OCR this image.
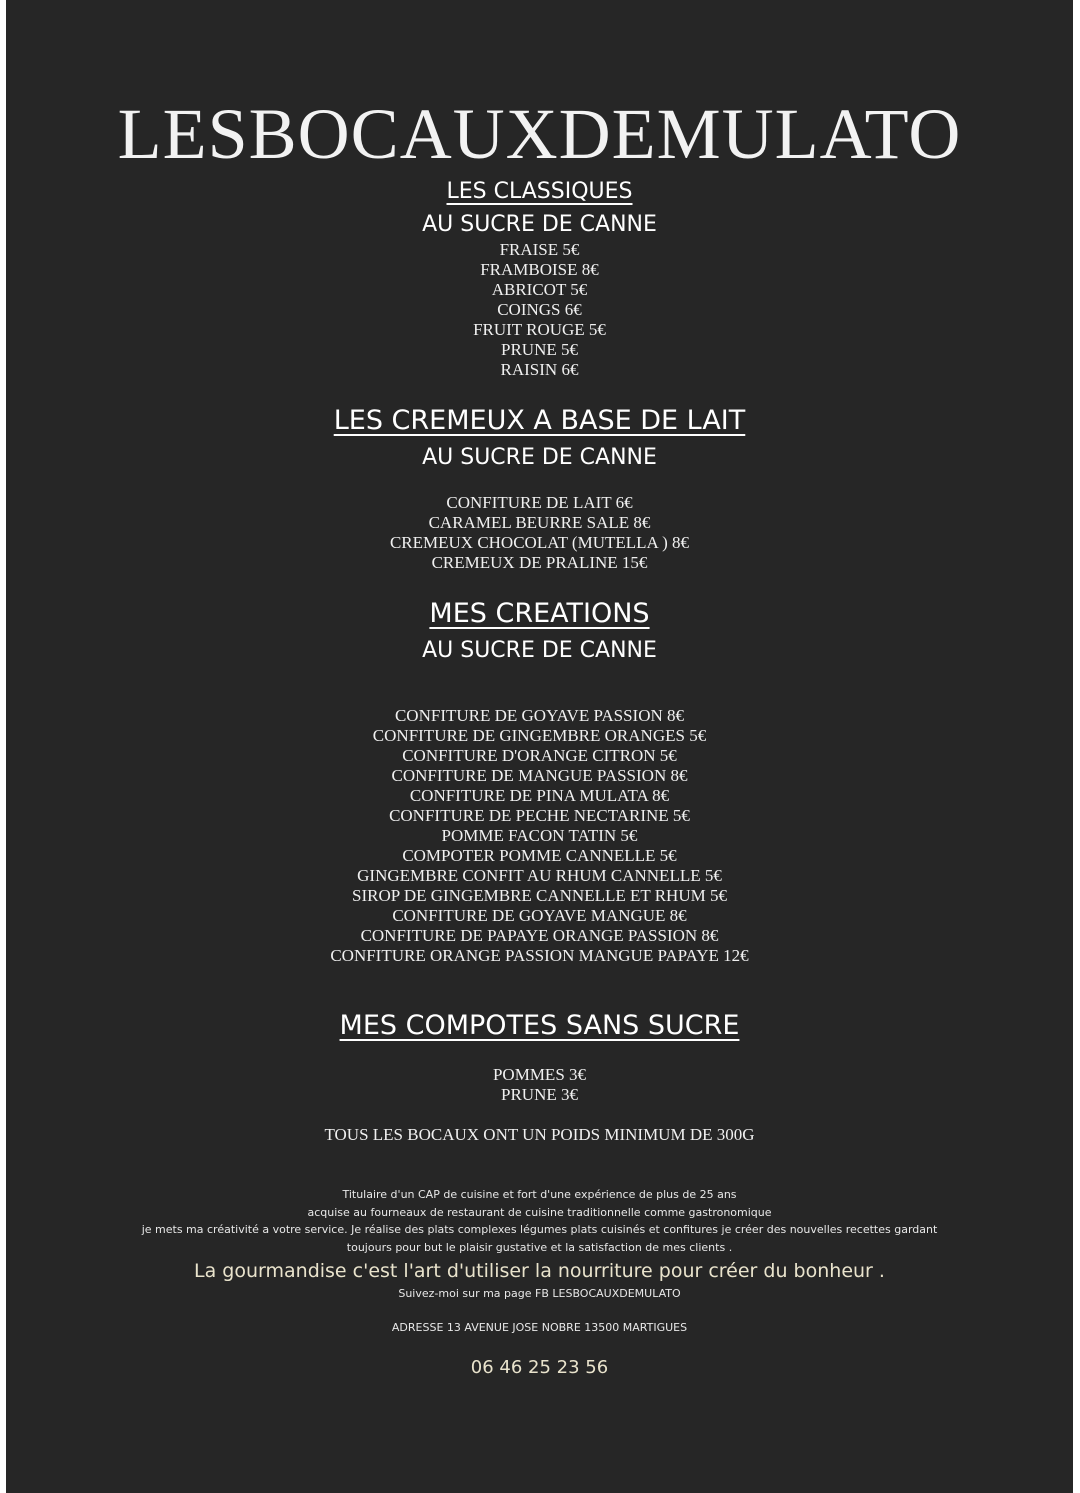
LESBOCAUXDEMULATO
LES CLASSIQUES
AU SUCRE DE CANNE
FRAISE 5€
FRAMBOISE 8€
ABRICOT 5€
COINGS 6€
FRUIT ROUGE 5€
PRUNE 5€
RAISIN 6€
LES CREMEUX A BASE DE LAIT
AU SUCRE DE CANNE
CONFITURE DE LAIT 6€
CARAMEL BEURRE SALE 8€
CREMEUX CHOCOLAT (MUTELLA ) 8€
CREMEUX DE PRALINE 15€
MES CREATIONS
AU SUCRE DE CANNE
CONFITURE DE GOYAVE PASSION 8€
CONFITURE DE GINGEMBRE ORANGES 5€
CONFITURE D'ORANGE CITRON 5€
CONFITURE DE MANGUE PASSION 8€
CONFITURE DE PINA MULATA 8€
CONFITURE DE PECHE NECTARINE 5€
POMME FACON TATIN 5€
COMPOTER POMME CANNELLE 5€
GINGEMBRE CONFIT AU RHUM CANNELLE 5€
SIROP DE GINGEMBRE CANNELLE ET RHUM 5€
CONFITURE DE GOYAVE MANGUE 8€
CONFITURE DE PAPAYE ORANGE PASSION 8€
CONFITURE ORANGE PASSION MANGUE PAPAYE 12€
MES COMPOTES SANS SUCRE
POMMES 3€
PRUNE 3€
TOUS LES BOCAUX ONT UN POIDS MINIMUM DE 300G
Titulaire d'un CAP de cuisine et fort d'une expérience de plus de 25 ans
acquise au fourneaux de restaurant de cuisine traditionnelle comme gastronomique
je mets ma créativité a votre service. Je réalise des plats complexes légumes plats cuisinés et confitures je créer des nouvelles recettes gardant
toujours pour but le plaisir gustative et la satisfaction de mes clients .
La gourmandise c'est l'art d'utiliser la nourriture pour créer du bonheur .
Suivez-moi sur ma page FB LESBOCAUXDEMULATO
ADRESSE 13 AVENUE JOSE NOBRE 13500 MARTIGUES
06 46 25 23 56
